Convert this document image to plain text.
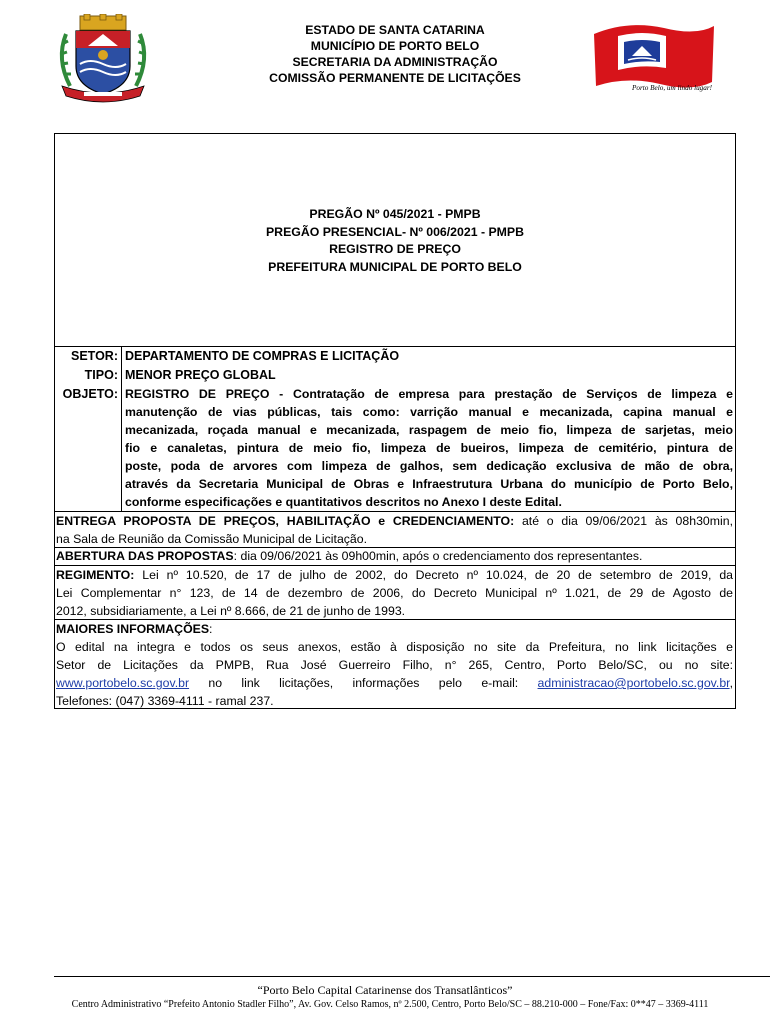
ESTADO DE SANTA CATARINA
MUNICÍPIO DE PORTO BELO
SECRETARIA DA ADMINISTRAÇÃO
COMISSÃO PERMANENTE DE LICITAÇÕES
Porto Belo, um lindo lugar!
PREGÃO Nº 045/2021 - PMPB
PREGÃO PRESENCIAL- Nº 006/2021 - PMPB
REGISTRO DE PREÇO
PREFEITURA MUNICIPAL DE PORTO BELO
SETOR: DEPARTAMENTO DE COMPRAS E LICITAÇÃO
TIPO: MENOR PREÇO GLOBAL
OBJETO: REGISTRO DE PREÇO - Contratação de empresa para prestação de Serviços de limpeza e
manutenção de vias públicas, tais como: varrição manual e mecanizada, capina manual e
mecanizada, roçada manual e mecanizada, raspagem de meio fio, limpeza de sarjetas, meio
fio e canaletas, pintura de meio fio, limpeza de bueiros, limpeza de cemitério, pintura de
poste, poda de arvores com limpeza de galhos, sem dedicação exclusiva de mão de obra,
através da Secretaria Municipal de Obras e Infraestrutura Urbana do município de Porto Belo,
conforme especificações e quantitativos descritos no Anexo I deste Edital.
ENTREGA PROPOSTA DE PREÇOS, HABILITAÇÃO e CREDENCIAMENTO: até o dia 09/06/2021 às 08h30min,
na Sala de Reunião da Comissão Municipal de Licitação.
ABERTURA DAS PROPOSTAS: dia 09/06/2021 às 09h00min, após o credenciamento dos representantes.
REGIMENTO: Lei nº 10.520, de 17 de julho de 2002, do Decreto nº 10.024, de 20 de setembro de 2019, da
Lei Complementar n° 123, de 14 de dezembro de 2006, do Decreto Municipal nº 1.021, de 29 de Agosto de
2012, subsidiariamente, a Lei nº 8.666, de 21 de junho de 1993.
MAIORES INFORMAÇÕES:
O edital na integra e todos os seus anexos, estão à disposição no site da Prefeitura, no link licitações e
Setor de Licitações da PMPB, Rua José Guerreiro Filho, n° 265, Centro, Porto Belo/SC, ou no site:
www.portobelo.sc.gov.br no link licitações, informações pelo e-mail: administracao@portobelo.sc.gov.br,
Telefones: (047) 3369-4111 - ramal 237.
“Porto Belo Capital Catarinense dos Transatlânticos”
Centro Administrativo “Prefeito Antonio Stadler Filho”, Av. Gov. Celso Ramos, nº 2.500, Centro, Porto Belo/SC – 88.210-000 – Fone/Fax: 0**47 – 3369-4111
